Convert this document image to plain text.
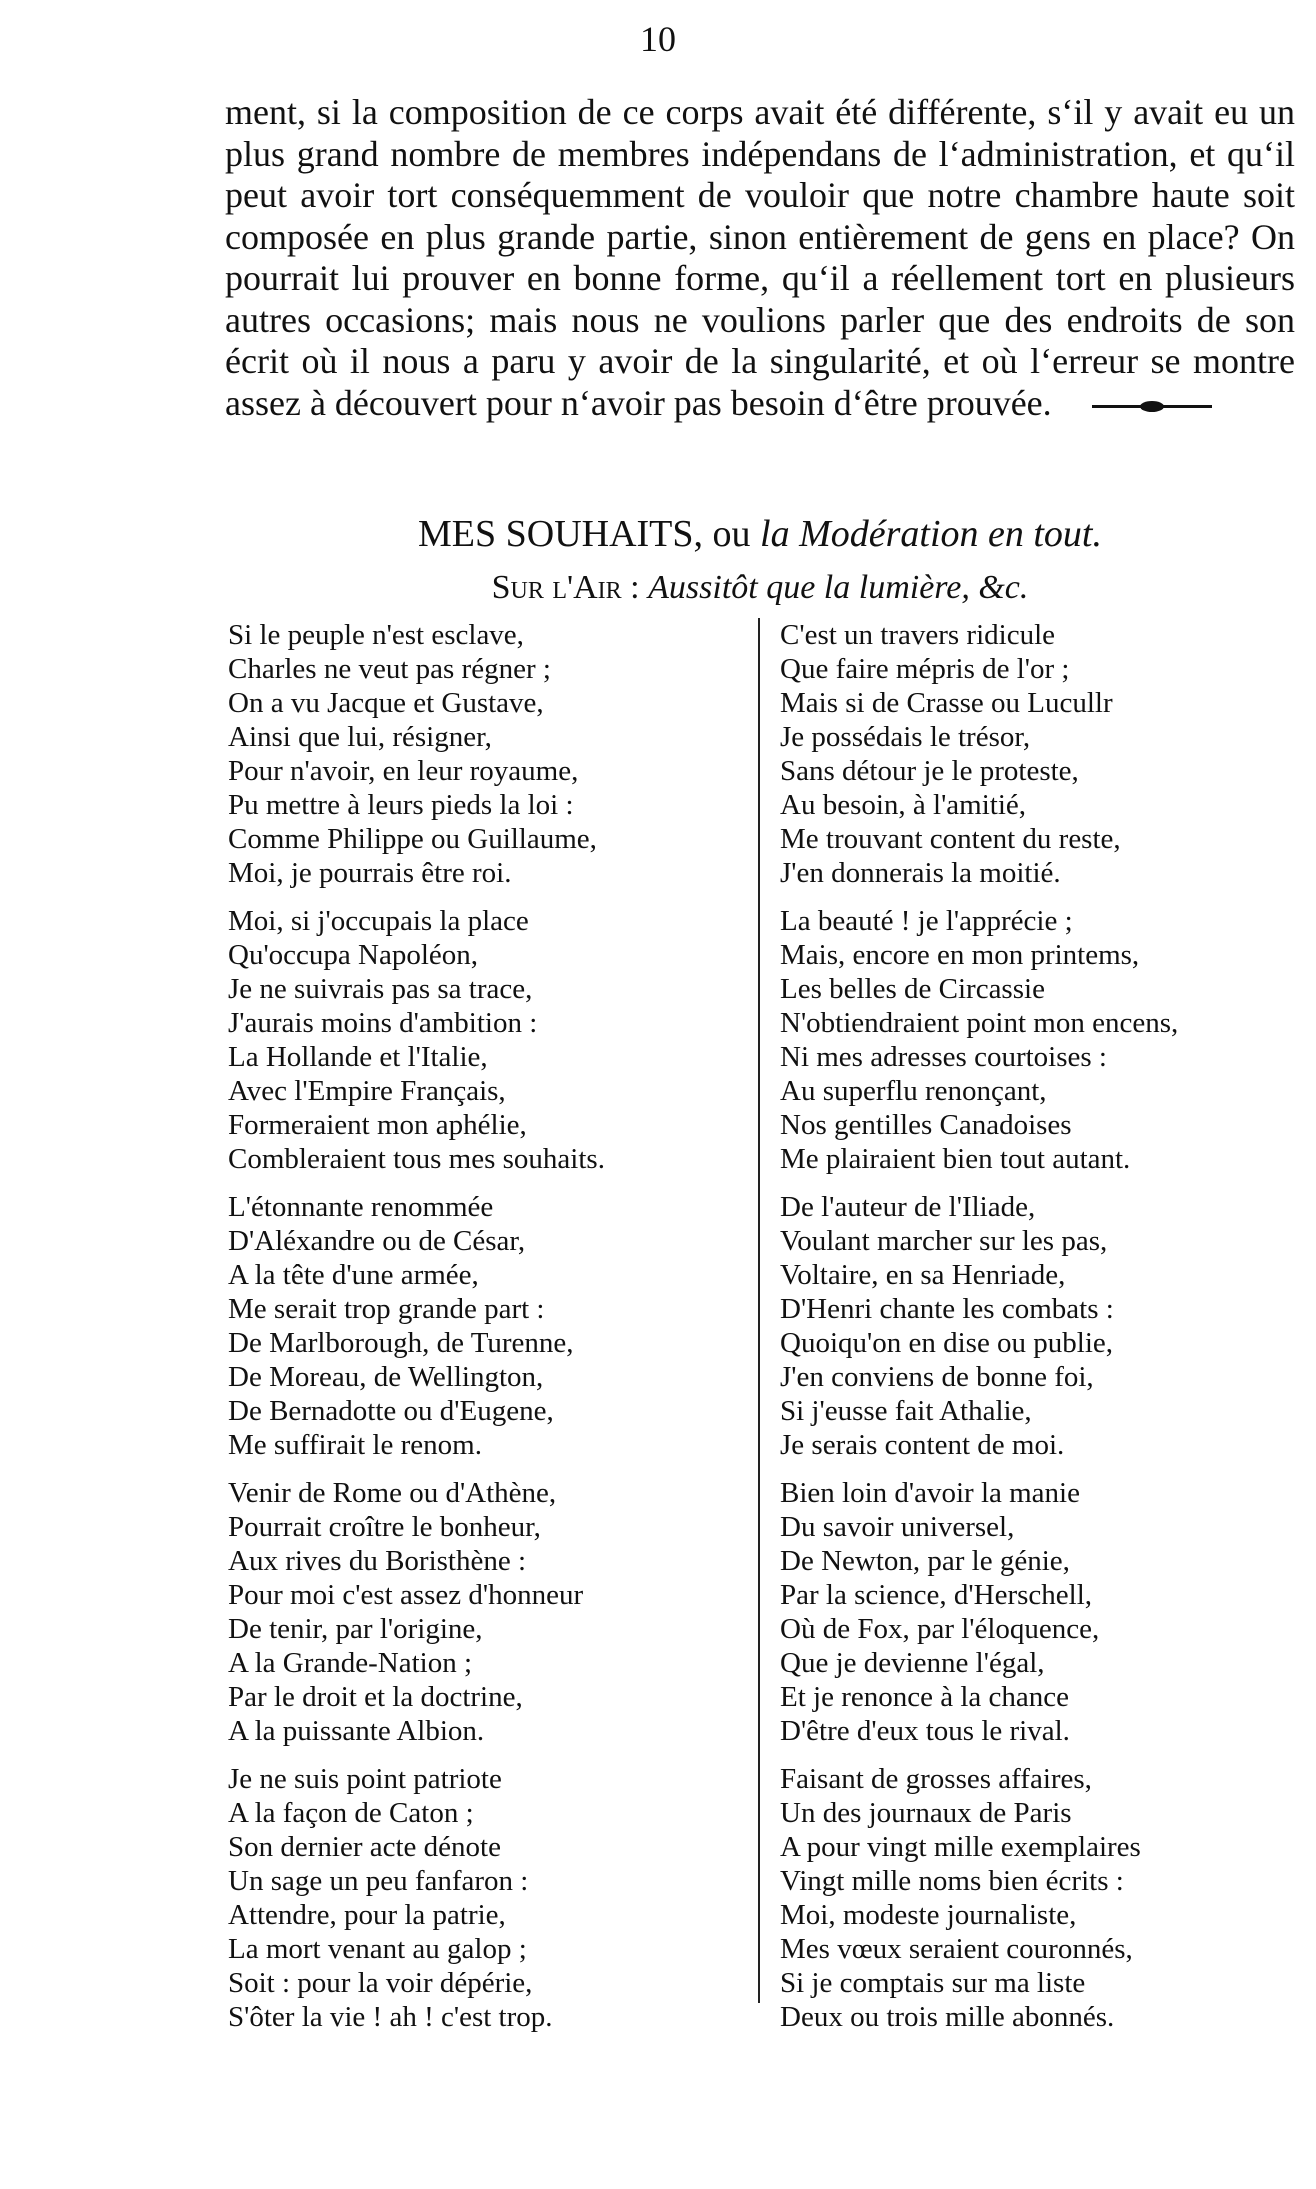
10

ment, si la composition de ce corps avait été différente, s‘il y avait eu un plus grand nombre de membres indépendans de l‘administration, et qu‘il peut avoir tort conséquemment de vouloir que notre chambre haute soit composée en plus grande partie, sinon entièrement de gens en place? On pourrait lui prouver en bonne forme, qu‘il a réellement tort en plusieurs autres occasions; mais nous ne voulions parler que des endroits de son écrit où il nous a paru y avoir de la singularité, et où l‘erreur se montre assez à découvert pour n‘avoir pas besoin d‘être prouvée.

MES SOUHAITS, ou la Modération en tout.
Sur l'Air : Aussitôt que la lumière, &c.
Si le peuple n'est esclave,
Charles ne veut pas régner ;
On a vu Jacque et Gustave,
Ainsi que lui, résigner,
Pour n'avoir, en leur royaume,
Pu mettre à leurs pieds la loi :
Comme Philippe ou Guillaume,
Moi, je pourrais être roi.
Moi, si j'occupais la place
Qu'occupa Napoléon,
Je ne suivrais pas sa trace,
J'aurais moins d'ambition :
La Hollande et l'Italie,
Avec l'Empire Français,
Formeraient mon aphélie,
Combleraient tous mes souhaits.
L'étonnante renommée
D'Aléxandre ou de César,
A la tête d'une armée,
Me serait trop grande part :
De Marlborough, de Turenne,
De Moreau, de Wellington,
De Bernadotte ou d'Eugene,
Me suffirait le renom.
Venir de Rome ou d'Athène,
Pourrait croître le bonheur,
Aux rives du Boristhène :
Pour moi c'est assez d'honneur
De tenir, par l'origine,
A la Grande-Nation ;
Par le droit et la doctrine,
A la puissante Albion.
Je ne suis point patriote
A la façon de Caton ;
Son dernier acte dénote
Un sage un peu fanfaron :
Attendre, pour la patrie,
La mort venant au galop ;
Soit : pour la voir dépérie,
S'ôter la vie ! ah ! c'est trop.
C'est un travers ridicule
Que faire mépris de l'or ;
Mais si de Crasse ou Lucullr
Je possédais le trésor,
Sans détour je le proteste,
Au besoin, à l'amitié,
Me trouvant content du reste,
J'en donnerais la moitié.
La beauté ! je l'apprécie ;
Mais, encore en mon printems,
Les belles de Circassie
N'obtiendraient point mon encens,
Ni mes adresses courtoises :
Au superflu renonçant,
Nos gentilles Canadoises
Me plairaient bien tout autant.
De l'auteur de l'Iliade,
Voulant marcher sur les pas,
Voltaire, en sa Henriade,
D'Henri chante les combats :
Quoiqu'on en dise ou publie,
J'en conviens de bonne foi,
Si j'eusse fait Athalie,
Je serais content de moi.
Bien loin d'avoir la manie
Du savoir universel,
De Newton, par le génie,
Par la science, d'Herschell,
Où de Fox, par l'éloquence,
Que je devienne l'égal,
Et je renonce à la chance
D'être d'eux tous le rival.
Faisant de grosses affaires,
Un des journaux de Paris
A pour vingt mille exemplaires
Vingt mille noms bien écrits :
Moi, modeste journaliste,
Mes vœux seraient couronnés,
Si je comptais sur ma liste
Deux ou trois mille abonnés.
